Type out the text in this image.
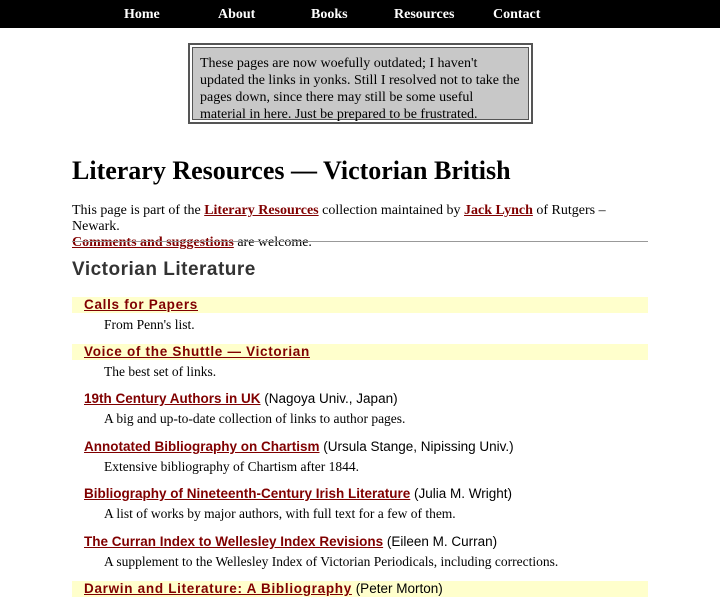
Home	About	Books	Resources	Contact
These pages are now woefully outdated; I haven't updated the links in yonks. Still I resolved not to take the pages down, since there may still be some useful material in here. Just be prepared to be frustrated.
Literary Resources — Victorian British
This page is part of the Literary Resources collection maintained by Jack Lynch of Rutgers – Newark.
Comments and suggestions are welcome.
Victorian Literature
Calls for Papers
From Penn's list.
Voice of the Shuttle — Victorian
The best set of links.
19th Century Authors in UK (Nagoya Univ., Japan)
A big and up-to-date collection of links to author pages.
Annotated Bibliography on Chartism (Ursula Stange, Nipissing Univ.)
Extensive bibliography of Chartism after 1844.
Bibliography of Nineteenth-Century Irish Literature (Julia M. Wright)
A list of works by major authors, with full text for a few of them.
The Curran Index to Wellesley Index Revisions (Eileen M. Curran)
A supplement to the Wellesley Index of Victorian Periodicals, including corrections.
Darwin and Literature: A Bibliography (Peter Morton)
